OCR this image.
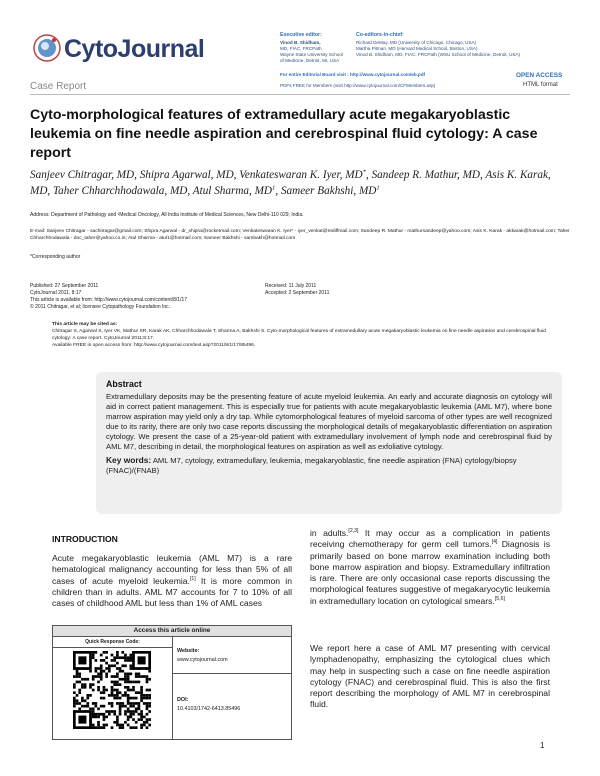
CytoJournal	Executive editor:
Vinod B. Shidham,
MD, FIAC, FRCPath
Wayne State University School
of Medicine, Detroit, MI, USA
Co-editors-in-chief:
Richard DeMay, MD (University of Chicago, Chicago, USA)
Martha Pitman, MD (Harvard Medical School, Boston, USA)
Vinod B. Shidham, MD, FIAC, FRCPath (WSU School of Medicine, Detroit, USA)
For entire Editorial Board visit : http://www.cytojournal.com/eb.pdf
PDFs FREE for Members (visit http://www.cytojournal.com/CFMembers.asp)
OPEN ACCESS
HTML format
Case Report
Cyto-morphological features of extramedullary acute megakaryoblastic leukemia on fine needle aspiration and cerebrospinal fluid cytology: A case report
Sanjeev Chitragar, MD, Shipra Agarwal, MD, Venkateswaran K. Iyer, MD*, Sandeep R. Mathur, MD, Asis K. Karak, MD, Taher Chharchhodawala, MD, Atul Sharma, $MD^1$, Sameer Bakhshi, $MD^1$
Address: Department of Pathology and ¹Medical Oncology, All India Institute of Medical Sciences, New Delhi-110 029, India.
E-mail: Sanjeev Chitragar - sachitragar@gmail.com; Shipra Agarwal - dr_shipra@rocketmail.com; Venkateswaran K. Iyer* - iyer_venkat@rediffmail.com; Sandeep R. Mathur - mathursandeep@yahoo.com; Asis K. Karak - akkarak@hotmail.com; Taher Chharchhodawala - doc_taher@yahoo.co.in; Atul Sharma - atul1@hotmail.com; Sameer Bakhshi - sambakh@hotmail.com
*Corresponding author
Published: 27 September 2011	Received: 11 July 2011
CytoJournal 2011, 8:17	Accepted: 2 September 2011
This article is available from: http://www.cytojournal.com/content/8/1/17
© 2011 Chitragar, et al; licensee Cytopathology Foundation Inc.
This article may be cited as:
Chitragar S, Agarwal S, Iyer VK, Mathur SR, Karak AK, Chharchhodawala T, Sharma A, Bakhshi S. Cyto-morphological features of extramedullary acute megakaryoblastic leukemia on fine needle aspiration and cerebrospinal fluid cytology: A case report. CytoJournal 2011;8:17.
Available FREE in open access from: http://www.cytojournal.com/text.asp?2011/8/1/17/85496.
Abstract
Extramedullary deposits may be the presenting feature of acute myeloid leukemia. An early and accurate diagnosis on cytology will aid in correct patient management. This is especially true for patients with acute megakaryoblastic leukemia (AML M7), where bone marrow aspiration may yield only a dry tap. While cytomorphological features of myeloid sarcoma of other types are well recognized due to its rarity, there are only two case reports discussing the morphological details of megakaryoblastic differentiation on aspiration cytology. We present the case of a 25-year-old patient with extramedullary involvement of lymph node and cerebrospinal fluid by AML M7, describing in detail, the morphological features on aspiration as well as exfoliative cytology.
Key words: AML M7, cytology, extramedullary, leukemia, megakaryoblastic, fine needle aspiration (FNA) cytology/biopsy (FNAC)/(FNAB)
INTRODUCTION
Acute megakaryoblastic leukemia (AML M7) is a rare hematological malignancy accounting for less than 5% of all cases of acute myeloid leukemia.[1] It is more common in children than in adults. AML M7 accounts for 7 to 10% of all cases of childhood AML but less than 1% of AML cases
Access this article online
Quick Response Code:
Website:
www.cytojournal.com
DOI:
10.4103/1742-6413.85496
in adults.[2,3] It may occur as a complication in patients receiving chemotherapy for germ cell tumors.[4] Diagnosis is primarily based on bone marrow examination including both bone marrow aspiration and biopsy. Extramedullary infiltration is rare. There are only occasional case reports discussing the morphological features suggestive of megakaryocytic leukemia in extramedullary location on cytological smears.[5,6]
We report here a case of AML M7 presenting with cervical lymphadenopathy, emphasizing the cytological clues which may help in suspecting such a case on fine needle aspiration cytology (FNAC) and cerebrospinal fluid. This is also the first report describing the morphology of AML M7 in cerebrospinal fluid.
1
